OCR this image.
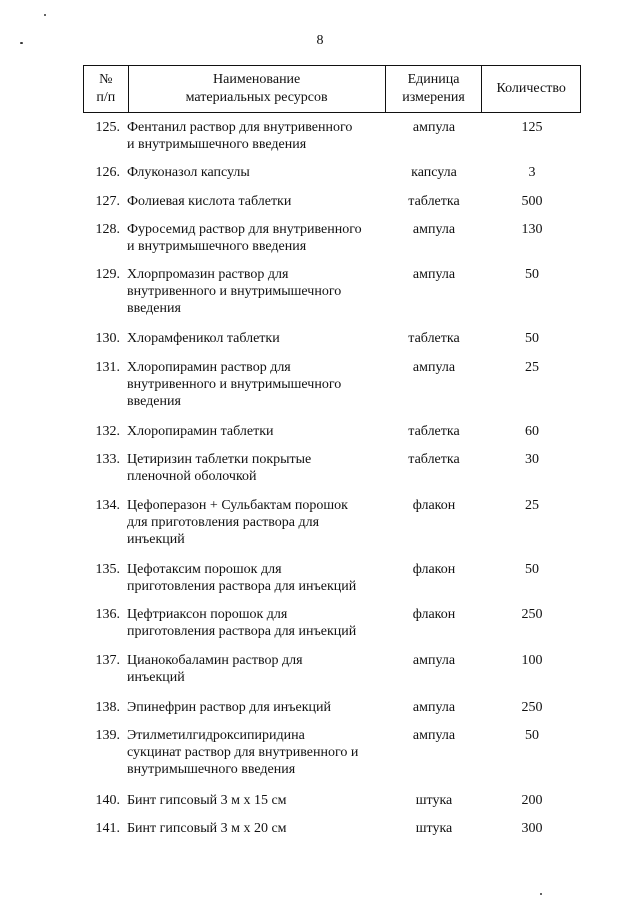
8
№
п/п

Наименование
материальных ресурсов

Единица
измерения
	Количество
125. Фентанил раствор для внутривенного
и внутримышечного введения
ампула	125
126. Флуконазол капсулы	капсула	3
127. Фолиевая кислота таблетки	таблетка	500
128. Фуросемид раствор для внутривенного
и внутримышечного введения
ампула	130
129. Хлорпромазин раствор для
внутривенного и внутримышечного
введения
ампула	50
130. Хлорамфеникол таблетки	таблетка	50
131. Хлоропирамин раствор для
внутривенного и внутримышечного
введения
ампула	25
132. Хлоропирамин таблетки	таблетка	60
133. Цетиризин таблетки покрытые
пленочной оболочкой
таблетка	30
134. Цефоперазон + Сульбактам порошок
для приготовления раствора для
инъекций
флакон	25
135. Цефотаксим порошок для
приготовления раствора для инъекций
флакон	50
136. Цефтриаксон порошок для
приготовления раствора для инъекций
флакон	250
137. Цианокобаламин раствор для
инъекций
ампула	100
138. Эпинефрин раствор для инъекций	ампула	250
139. Этилметилгидроксипиридина
сукцинат раствор для внутривенного и
внутримышечного введения
ампула	50
140. Бинт гипсовый 3 м х 15 см	штука	200
141. Бинт гипсовый 3 м х 20 см	штука	300
